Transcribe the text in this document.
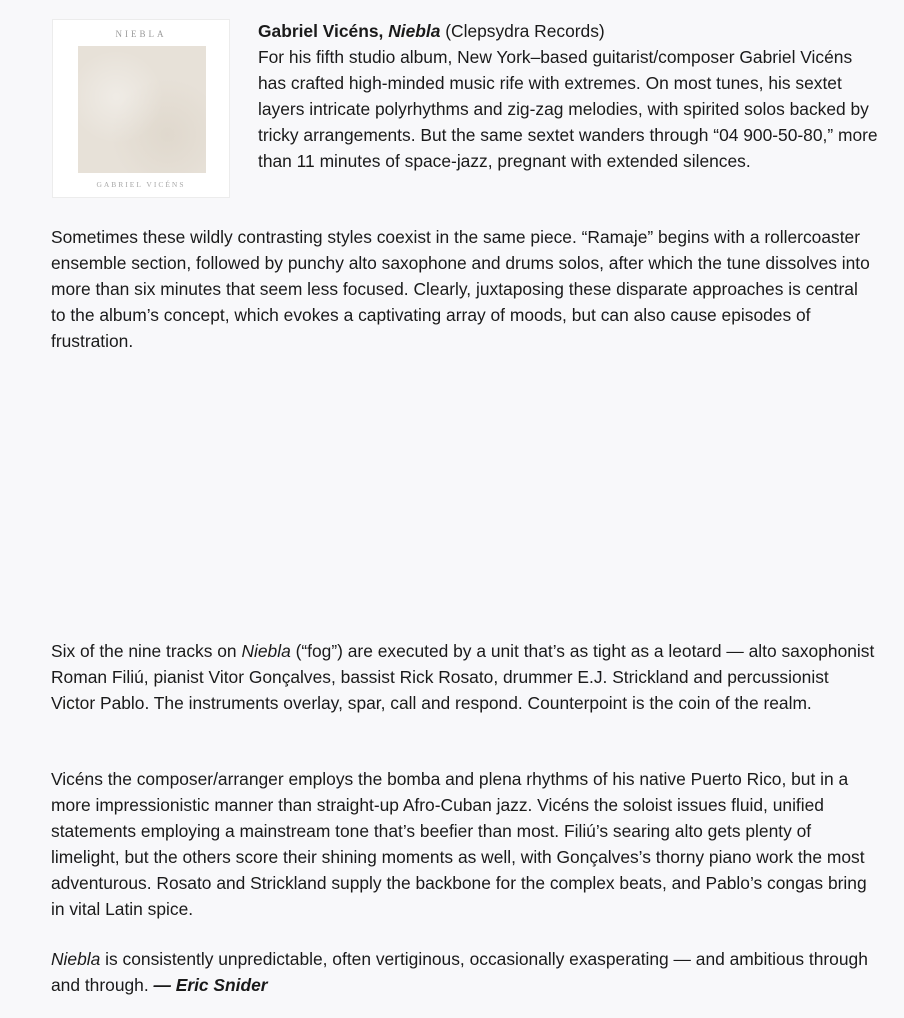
NIEBLA
GABRIEL VICÉNS

Gabriel Vicéns, Niebla (Clepsydra Records)
For his fifth studio album, New York–based guitarist/composer Gabriel Vicéns has crafted high-minded music rife with extremes. On most tunes, his sextet layers intricate polyrhythms and zig-zag melodies, with spirited solos backed by tricky arrangements. But the same sextet wanders through “04 900-50-80,” more than 11 minutes of space-jazz, pregnant with extended silences.

Sometimes these wildly contrasting styles coexist in the same piece. “Ramaje” begins with a rollercoaster ensemble section, followed by punchy alto saxophone and drums solos, after which the tune dissolves into more than six minutes that seem less focused. Clearly, juxtaposing these disparate approaches is central to the album’s concept, which evokes a captivating array of moods, but can also cause episodes of frustration.

Six of the nine tracks on Niebla (“fog”) are executed by a unit that’s as tight as a leotard — alto saxophonist Roman Filiú, pianist Vitor Gonçalves, bassist Rick Rosato, drummer E.J. Strickland and percussionist Victor Pablo. The instruments overlay, spar, call and respond. Counterpoint is the coin of the realm.

Vicéns the composer/arranger employs the bomba and plena rhythms of his native Puerto Rico, but in a more impressionistic manner than straight-up Afro-Cuban jazz. Vicéns the soloist issues fluid, unified statements employing a mainstream tone that’s beefier than most. Filiú’s searing alto gets plenty of limelight, but the others score their shining moments as well, with Gonçalves’s thorny piano work the most adventurous. Rosato and Strickland supply the backbone for the complex beats, and Pablo’s congas bring in vital Latin spice.

Niebla is consistently unpredictable, often vertiginous, occasionally exasperating — and ambitious through and through. — Eric Snider
